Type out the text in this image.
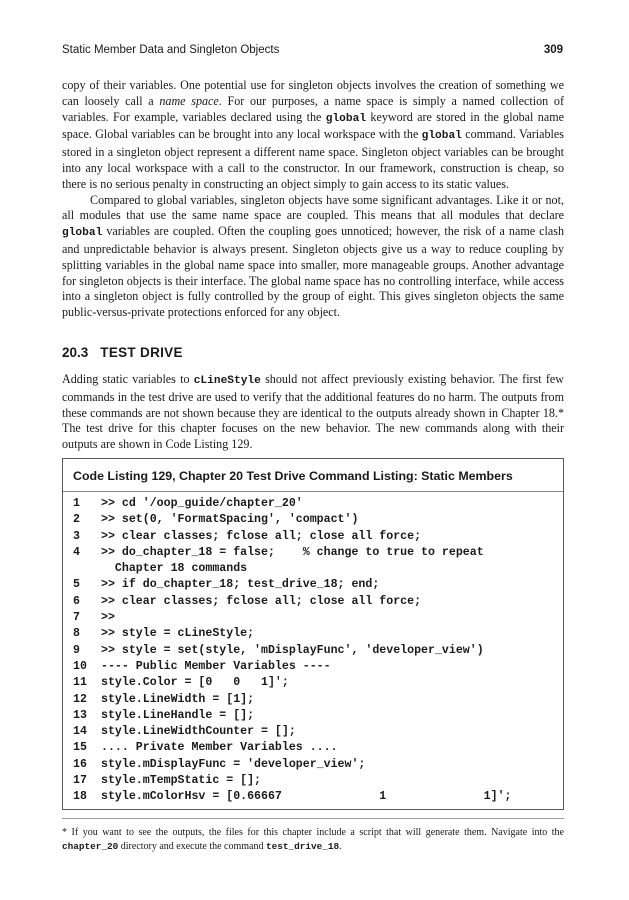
Static Member Data and Singleton Objects	309

copy of their variables. One potential use for singleton objects involves the creation of something we can loosely call a name space. For our purposes, a name space is simply a named collection of variables. For example, variables declared using the global keyword are stored in the global name space. Global variables can be brought into any local workspace with the global command. Variables stored in a singleton object represent a different name space. Singleton object variables can be brought into any local workspace with a call to the constructor. In our framework, construction is cheap, so there is no serious penalty in constructing an object simply to gain access to its static values.

Compared to global variables, singleton objects have some significant advantages. Like it or not, all modules that use the same name space are coupled. This means that all modules that declare global variables are coupled. Often the coupling goes unnoticed; however, the risk of a name clash and unpredictable behavior is always present. Singleton objects give us a way to reduce coupling by splitting variables in the global name space into smaller, more manageable groups. Another advantage for singleton objects is their interface. The global name space has no controlling interface, while access into a singleton object is fully controlled by the group of eight. This gives singleton objects the same public-versus-private protections enforced for any object.

20.3 TEST DRIVE

Adding static variables to cLineStyle should not affect previously existing behavior. The first few commands in the test drive are used to verify that the additional features do no harm. The outputs from these commands are not shown because they are identical to the outputs already shown in Chapter 18.* The test drive for this chapter focuses on the new behavior. The new commands along with their outputs are shown in Code Listing 129.

Code Listing 129, Chapter 20 Test Drive Command Listing: Static Members
1	>> cd '/oop_guide/chapter_20'
2	>> set(0, 'FormatSpacing', 'compact')
3	>> clear classes; fclose all; close all force;
4	>> do_chapter_18 = false;    % change to true to repeat
Chapter 18 commands
5	>> if do_chapter_18; test_drive_18; end;
6	>> clear classes; fclose all; close all force;
7	>>
8	>> style = cLineStyle;
9	>> style = set(style, 'mDisplayFunc', 'developer_view')
10	---- Public Member Variables ----
11	style.Color = [0   0   1]';
12	style.LineWidth = [1];
13	style.LineHandle = [];
14	style.LineWidthCounter = [];
15	.... Private Member Variables ....
16	style.mDisplayFunc = 'developer_view';
17	style.mTempStatic = [];
18	style.mColorHsv = [0.66667              1              1]';
* If you want to see the outputs, the files for this chapter include a script that will generate them. Navigate into the chapter_20 directory and execute the command test_drive_18.
